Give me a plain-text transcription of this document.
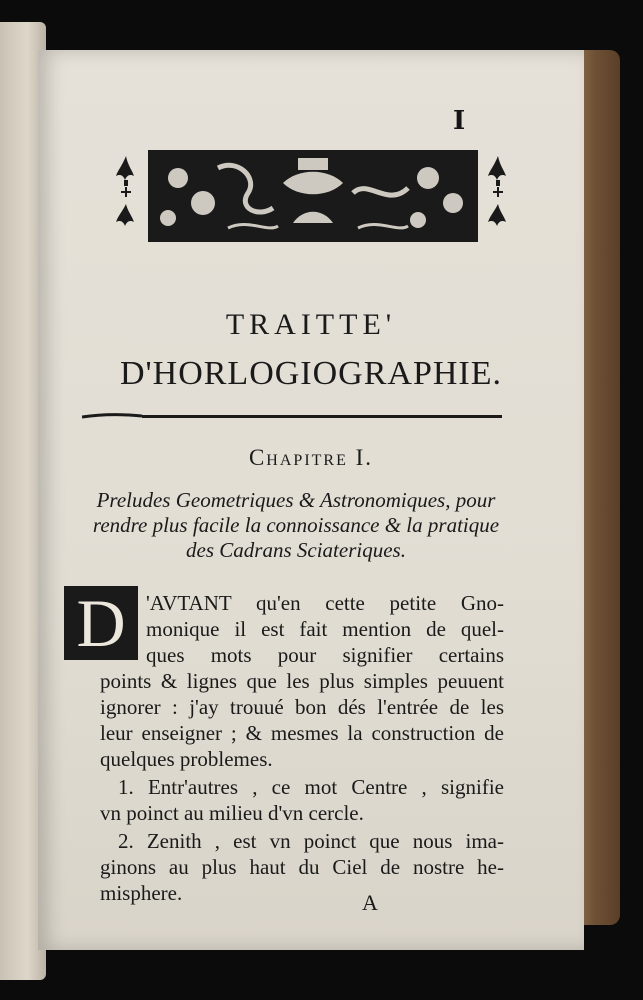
I
TRAITTE'
D'HORLOGIOGRAPHIE.
Chapitre I.
Preludes Geometriques & Astronomiques, pour rendre plus facile la connoissance & la pratique des Cadrans Sciateriques.
D 'AVTANT qu'en cette petite Gno-
monique il est fait mention de quel-
ques mots pour signifier certains
points & lignes que les plus simples peuuent
ignorer : j'ay trouué bon dés l'entrée de les
leur enseigner ; & mesmes la construction de
quelques problemes.
1. Entr'autres , ce mot Centre , signifie
vn poinct au milieu d'vn cercle.
2. Zenith , est vn poinct que nous ima-
ginons au plus haut du Ciel de nostre he-
misphere.	A
